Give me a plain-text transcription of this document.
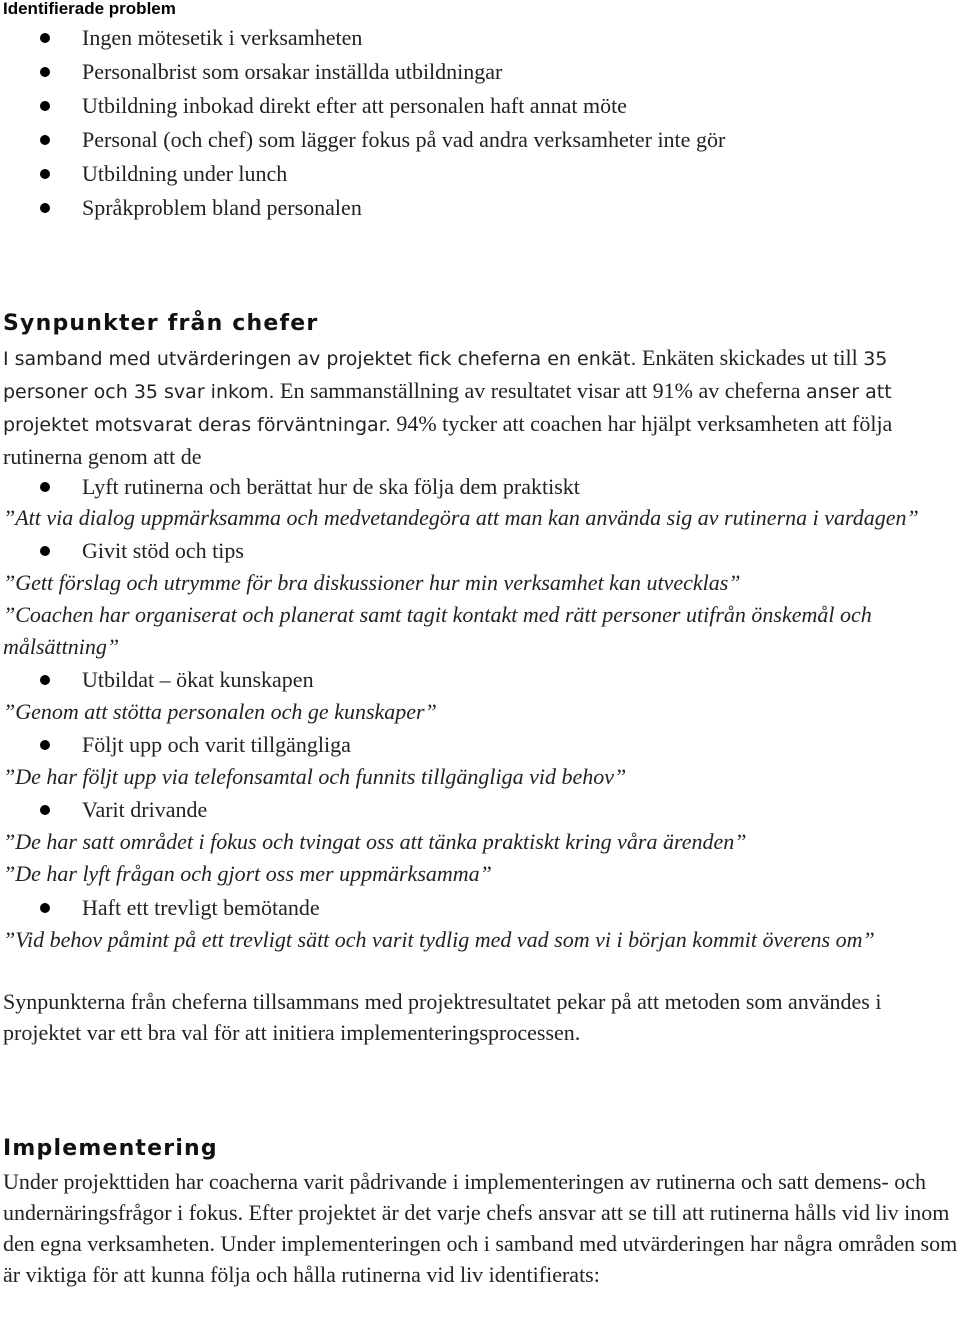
Identifierade problem
Ingen mötesetik i verksamheten
Personalbrist som orsakar inställda utbildningar
Utbildning inbokad direkt efter att personalen haft annat möte
Personal (och chef) som lägger fokus på vad andra verksamheter inte gör
Utbildning under lunch
Språkproblem bland personalen
Synpunkter från chefer

I samband med utvärderingen av projektet fick cheferna en enkät. Enkäten skickades ut till 35 personer och 35 svar inkom. En sammanställning av resultatet visar att 91% av cheferna anser att projektet motsvarat deras förväntningar. 94% tycker att coachen har hjälpt verksamheten att följa rutinerna genom att de

Lyft rutinerna och berättat hur de ska följa dem praktiskt

”Att via dialog uppmärksamma och medvetandegöra att man kan använda sig av rutinerna i vardagen”

Givit stöd och tips

”Gett förslag och utrymme för bra diskussioner hur min verksamhet kan utvecklas”

”Coachen har organiserat och planerat samt tagit kontakt med rätt personer utifrån önskemål och målsättning”

Utbildat – ökat kunskapen

”Genom att stötta personalen och ge kunskaper”

Följt upp och varit tillgängliga

”De har följt upp via telefonsamtal och funnits tillgängliga vid behov”

Varit drivande

”De har satt området i fokus och tvingat oss att tänka praktiskt kring våra ärenden”

”De har lyft frågan och gjort oss mer uppmärksamma”

Haft ett trevligt bemötande

”Vid behov påmint på ett trevligt sätt och varit tydlig med vad som vi i början kommit överens om”

Synpunkterna från cheferna tillsammans med projektresultatet pekar på att metoden som användes i projektet var ett bra val för att initiera implementeringsprocessen.

Implementering

Under projekttiden har coacherna varit pådrivande i implementeringen av rutinerna och satt demens- och undernäringsfrågor i fokus. Efter projektet är det varje chefs ansvar att se till att rutinerna hålls vid liv inom den egna verksamheten. Under implementeringen och i samband med utvärderingen har några områden som är viktiga för att kunna följa och hålla rutinerna vid liv identifierats:
